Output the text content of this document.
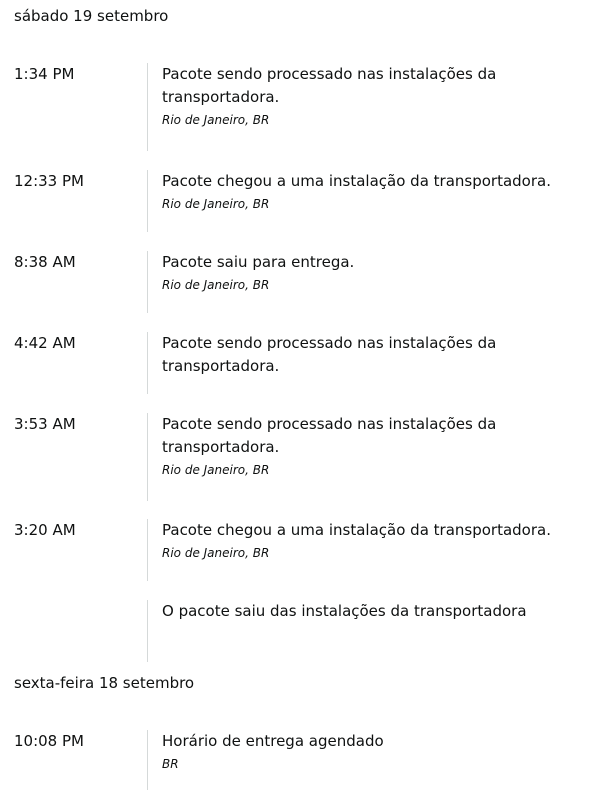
sábado 19 setembro
1:34 PM	Pacote sendo processado nas instalações da transportadora.

Rio de Janeiro, BR
12:33 PM	Pacote chegou a uma instalação da transportadora.

Rio de Janeiro, BR
8:38 AM	Pacote saiu para entrega.

Rio de Janeiro, BR
4:42 AM	Pacote sendo processado nas instalações da transportadora.

3:53 AM	Pacote sendo processado nas instalações da transportadora.

Rio de Janeiro, BR
3:20 AM	Pacote chegou a uma instalação da transportadora.

Rio de Janeiro, BR

O pacote saiu das instalações da transportadora

sexta-feira 18 setembro
10:08 PM	Horário de entrega agendado

BR
